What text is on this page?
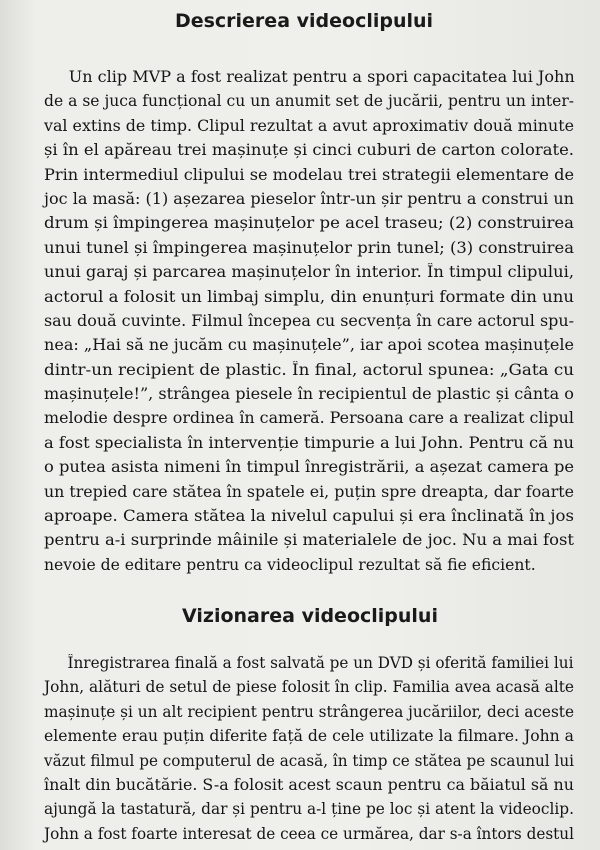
Descrierea videoclipului
Un clip MVP a fost realizat pentru a spori capacitatea lui John
de a se juca funcțional cu un anumit set de jucării, pentru un inter-
val extins de timp. Clipul rezultat a avut aproximativ două minute
și în el apăreau trei mașinuțe și cinci cuburi de carton colorate.
Prin intermediul clipului se modelau trei strategii elementare de
joc la masă: (1) așezarea pieselor într-un șir pentru a construi un
drum și împingerea mașinuțelor pe acel traseu; (2) construirea
unui tunel și împingerea mașinuțelor prin tunel; (3) construirea
unui garaj și parcarea mașinuțelor în interior. În timpul clipului,
actorul a folosit un limbaj simplu, din enunțuri formate din unu
sau două cuvinte. Filmul începea cu secvența în care actorul spu-
nea: „Hai să ne jucăm cu mașinuțele”, iar apoi scotea mașinuțele
dintr-un recipient de plastic. În final, actorul spunea: „Gata cu
mașinuțele!”, strângea piesele în recipientul de plastic și cânta o
melodie despre ordinea în cameră. Persoana care a realizat clipul
a fost specialista în intervenție timpurie a lui John. Pentru că nu
o putea asista nimeni în timpul înregistrării, a așezat camera pe
un trepied care stătea în spatele ei, puțin spre dreapta, dar foarte
aproape. Camera stătea la nivelul capului și era înclinată în jos
pentru a-i surprinde mâinile și materialele de joc. Nu a mai fost
nevoie de editare pentru ca videoclipul rezultat să fie eficient.
Vizionarea videoclipului
Înregistrarea finală a fost salvată pe un DVD și oferită familiei lui
John, alături de setul de piese folosit în clip. Familia avea acasă alte
mașinuțe și un alt recipient pentru strângerea jucăriilor, deci aceste
elemente erau puțin diferite față de cele utilizate la filmare. John a
văzut filmul pe computerul de acasă, în timp ce stătea pe scaunul lui
înalt din bucătărie. S-a folosit acest scaun pentru ca băiatul să nu
ajungă la tastatură, dar și pentru a-l ține pe loc și atent la videoclip.
John a fost foarte interesat de ceea ce urmărea, dar s-a întors destul
